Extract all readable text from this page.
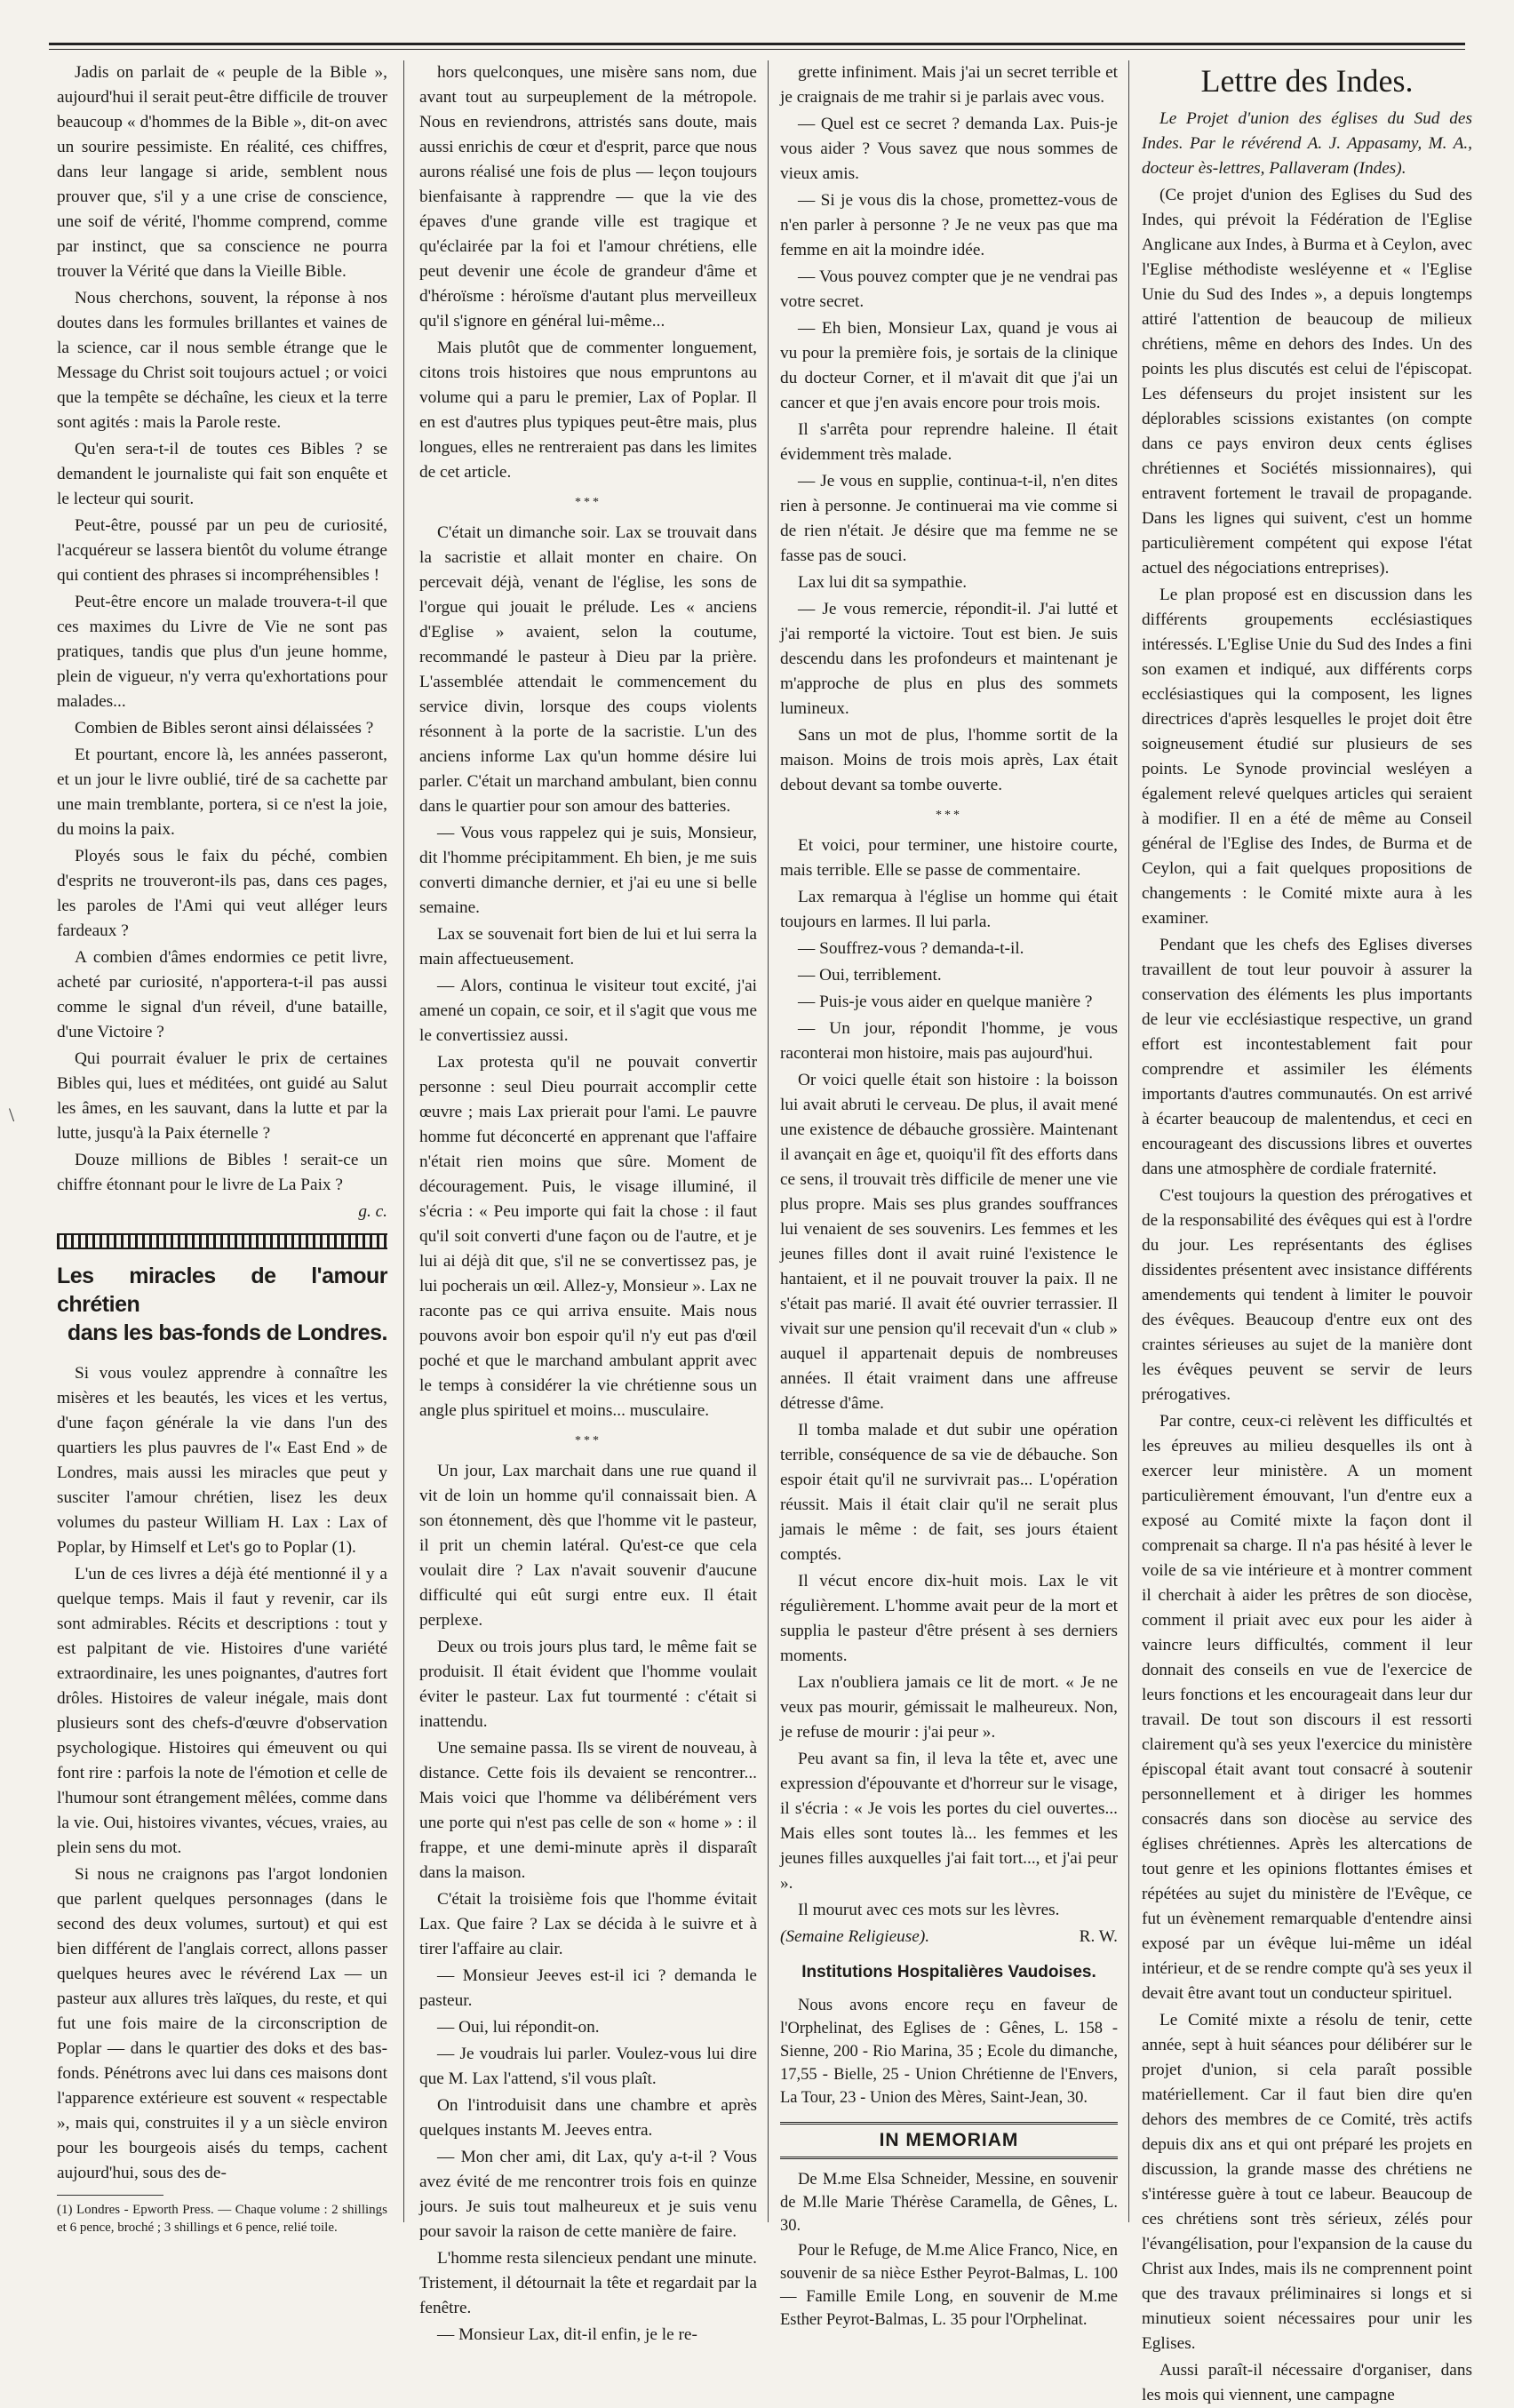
\

Jadis on parlait de « peuple de la Bible », aujourd'hui il serait peut-être difficile de trouver beaucoup « d'hommes de la Bible », dit-on avec un sourire pessimiste. En réalité, ces chiffres, dans leur langage si aride, semblent nous prouver que, s'il y a une crise de conscience, une soif de vérité, l'homme comprend, comme par instinct, que sa conscience ne pourra trouver la Vérité que dans la Vieille Bible.

Nous cherchons, souvent, la réponse à nos doutes dans les formules brillantes et vaines de la science, car il nous semble étrange que le Message du Christ soit toujours actuel ; or voici que la tempête se déchaîne, les cieux et la terre sont agités : mais la Parole reste.

Qu'en sera-t-il de toutes ces Bibles ? se demandent le journaliste qui fait son enquête et le lecteur qui sourit.

Peut-être, poussé par un peu de curiosité, l'acquéreur se lassera bientôt du volume étrange qui contient des phrases si incompréhensibles !

Peut-être encore un malade trouvera-t-il que ces maximes du Livre de Vie ne sont pas pratiques, tandis que plus d'un jeune homme, plein de vigueur, n'y verra qu'exhortations pour malades...

Combien de Bibles seront ainsi délaissées ?

Et pourtant, encore là, les années passeront, et un jour le livre oublié, tiré de sa cachette par une main tremblante, portera, si ce n'est la joie, du moins la paix.

Ployés sous le faix du péché, combien d'esprits ne trouveront-ils pas, dans ces pages, les paroles de l'Ami qui veut alléger leurs fardeaux ?

A combien d'âmes endormies ce petit livre, acheté par curiosité, n'apportera-t-il pas aussi comme le signal d'un réveil, d'une bataille, d'une Victoire ?

Qui pourrait évaluer le prix de certaines Bibles qui, lues et méditées, ont guidé au Salut les âmes, en les sauvant, dans la lutte et par la lutte, jusqu'à la Paix éternelle ?

Douze millions de Bibles ! serait-ce un chiffre étonnant pour le livre de La Paix ?

g. c.

Les miracles de l'amour chrétien
dans les bas-fonds de Londres.

Si vous voulez apprendre à connaître les misères et les beautés, les vices et les vertus, d'une façon générale la vie dans l'un des quartiers les plus pauvres de l'« East End » de Londres, mais aussi les miracles que peut y susciter l'amour chrétien, lisez les deux volumes du pasteur William H. Lax : Lax of Poplar, by Himself et Let's go to Poplar (1).

L'un de ces livres a déjà été mentionné il y a quelque temps. Mais il faut y revenir, car ils sont admirables. Récits et descriptions : tout y est palpitant de vie. Histoires d'une variété extraordinaire, les unes poignantes, d'autres fort drôles. Histoires de valeur inégale, mais dont plusieurs sont des chefs-d'œuvre d'observation psychologique. Histoires qui émeuvent ou qui font rire : parfois la note de l'émotion et celle de l'humour sont étrangement mêlées, comme dans la vie. Oui, histoires vivantes, vécues, vraies, au plein sens du mot.

Si nous ne craignons pas l'argot londonien que parlent quelques personnages (dans le second des deux volumes, surtout) et qui est bien différent de l'anglais correct, allons passer quelques heures avec le révérend Lax — un pasteur aux allures très laïques, du reste, et qui fut une fois maire de la circonscription de Poplar — dans le quartier des doks et des bas-fonds. Pénétrons avec lui dans ces maisons dont l'apparence extérieure est souvent « respectable », mais qui, construites il y a un siècle environ pour les bourgeois aisés du temps, cachent aujourd'hui, sous des de-

(1) Londres - Epworth Press. — Chaque volume : 2 shillings et 6 pence, broché ; 3 shillings et 6 pence, relié toile.

hors quelconques, une misère sans nom, due avant tout au surpeuplement de la métropole. Nous en reviendrons, attristés sans doute, mais aussi enrichis de cœur et d'esprit, parce que nous aurons réalisé une fois de plus — leçon toujours bienfaisante à rapprendre — que la vie des épaves d'une grande ville est tragique et qu'éclairée par la foi et l'amour chrétiens, elle peut devenir une école de grandeur d'âme et d'héroïsme : héroïsme d'autant plus merveilleux qu'il s'ignore en général lui-même...

Mais plutôt que de commenter longuement, citons trois histoires que nous empruntons au volume qui a paru le premier, Lax of Poplar. Il en est d'autres plus typiques peut-être mais, plus longues, elles ne rentreraient pas dans les limites de cet article.

***

C'était un dimanche soir. Lax se trouvait dans la sacristie et allait monter en chaire. On percevait déjà, venant de l'église, les sons de l'orgue qui jouait le prélude. Les « anciens d'Eglise » avaient, selon la coutume, recommandé le pasteur à Dieu par la prière. L'assemblée attendait le commencement du service divin, lorsque des coups violents résonnent à la porte de la sacristie. L'un des anciens informe Lax qu'un homme désire lui parler. C'était un marchand ambulant, bien connu dans le quartier pour son amour des batteries.

— Vous vous rappelez qui je suis, Monsieur, dit l'homme précipitamment. Eh bien, je me suis converti dimanche dernier, et j'ai eu une si belle semaine.

Lax se souvenait fort bien de lui et lui serra la main affectueusement.

— Alors, continua le visiteur tout excité, j'ai amené un copain, ce soir, et il s'agit que vous me le convertissiez aussi.

Lax protesta qu'il ne pouvait convertir personne : seul Dieu pourrait accomplir cette œuvre ; mais Lax prierait pour l'ami. Le pauvre homme fut déconcerté en apprenant que l'affaire n'était rien moins que sûre. Moment de découragement. Puis, le visage illuminé, il s'écria : « Peu importe qui fait la chose : il faut qu'il soit converti d'une façon ou de l'autre, et je lui ai déjà dit que, s'il ne se convertissez pas, je lui pocherais un œil. Allez-y, Monsieur ». Lax ne raconte pas ce qui arriva ensuite. Mais nous pouvons avoir bon espoir qu'il n'y eut pas d'œil poché et que le marchand ambulant apprit avec le temps à considérer la vie chrétienne sous un angle plus spirituel et moins... musculaire.

***

Un jour, Lax marchait dans une rue quand il vit de loin un homme qu'il connaissait bien. A son étonnement, dès que l'homme vit le pasteur, il prit un chemin latéral. Qu'est-ce que cela voulait dire ? Lax n'avait souvenir d'aucune difficulté qui eût surgi entre eux. Il était perplexe.

Deux ou trois jours plus tard, le même fait se produisit. Il était évident que l'homme voulait éviter le pasteur. Lax fut tourmenté : c'était si inattendu.

Une semaine passa. Ils se virent de nouveau, à distance. Cette fois ils devaient se rencontrer... Mais voici que l'homme va délibérément vers une porte qui n'est pas celle de son « home » : il frappe, et une demi-minute après il disparaît dans la maison.

C'était la troisième fois que l'homme évitait Lax. Que faire ? Lax se décida à le suivre et à tirer l'affaire au clair.

— Monsieur Jeeves est-il ici ? demanda le pasteur.

— Oui, lui répondit-on.

— Je voudrais lui parler. Voulez-vous lui dire que M. Lax l'attend, s'il vous plaît.

On l'introduisit dans une chambre et après quelques instants M. Jeeves entra.

— Mon cher ami, dit Lax, qu'y a-t-il ? Vous avez évité de me rencontrer trois fois en quinze jours. Je suis tout malheureux et je suis venu pour savoir la raison de cette manière de faire.

L'homme resta silencieux pendant une minute. Tristement, il détournait la tête et regardait par la fenêtre.

— Monsieur Lax, dit-il enfin, je le re-

grette infiniment. Mais j'ai un secret terrible et je craignais de me trahir si je parlais avec vous.

— Quel est ce secret ? demanda Lax. Puis-je vous aider ? Vous savez que nous sommes de vieux amis.

— Si je vous dis la chose, promettez-vous de n'en parler à personne ? Je ne veux pas que ma femme en ait la moindre idée.

— Vous pouvez compter que je ne vendrai pas votre secret.

— Eh bien, Monsieur Lax, quand je vous ai vu pour la première fois, je sortais de la clinique du docteur Corner, et il m'avait dit que j'ai un cancer et que j'en avais encore pour trois mois.

Il s'arrêta pour reprendre haleine. Il était évidemment très malade.

— Je vous en supplie, continua-t-il, n'en dites rien à personne. Je continuerai ma vie comme si de rien n'était. Je désire que ma femme ne se fasse pas de souci.

Lax lui dit sa sympathie.

— Je vous remercie, répondit-il. J'ai lutté et j'ai remporté la victoire. Tout est bien. Je suis descendu dans les profondeurs et maintenant je m'approche de plus en plus des sommets lumineux.

Sans un mot de plus, l'homme sortit de la maison. Moins de trois mois après, Lax était debout devant sa tombe ouverte.

***

Et voici, pour terminer, une histoire courte, mais terrible. Elle se passe de commentaire.

Lax remarqua à l'église un homme qui était toujours en larmes. Il lui parla.

— Souffrez-vous ? demanda-t-il.

— Oui, terriblement.

— Puis-je vous aider en quelque manière ?

— Un jour, répondit l'homme, je vous raconterai mon histoire, mais pas aujourd'hui.

Or voici quelle était son histoire : la boisson lui avait abruti le cerveau. De plus, il avait mené une existence de débauche grossière. Maintenant il avançait en âge et, quoiqu'il fît des efforts dans ce sens, il trouvait très difficile de mener une vie plus propre. Mais ses plus grandes souffrances lui venaient de ses souvenirs. Les femmes et les jeunes filles dont il avait ruiné l'existence le hantaient, et il ne pouvait trouver la paix. Il ne s'était pas marié. Il avait été ouvrier terrassier. Il vivait sur une pension qu'il recevait d'un « club » auquel il appartenait depuis de nombreuses années. Il était vraiment dans une affreuse détresse d'âme.

Il tomba malade et dut subir une opération terrible, conséquence de sa vie de débauche. Son espoir était qu'il ne survivrait pas... L'opération réussit. Mais il était clair qu'il ne serait plus jamais le même : de fait, ses jours étaient comptés.

Il vécut encore dix-huit mois. Lax le vit régulièrement. L'homme avait peur de la mort et supplia le pasteur d'être présent à ses derniers moments.

Lax n'oubliera jamais ce lit de mort. « Je ne veux pas mourir, gémissait le malheureux. Non, je refuse de mourir : j'ai peur ».

Peu avant sa fin, il leva la tête et, avec une expression d'épouvante et d'horreur sur le visage, il s'écria : « Je vois les portes du ciel ouvertes... Mais elles sont toutes là... les femmes et les jeunes filles auxquelles j'ai fait tort..., et j'ai peur ».

Il mourut avec ces mots sur les lèvres.

(Semaine Religieuse).	R. W.

Institutions Hospitalières Vaudoises.

Nous avons encore reçu en faveur de l'Orphelinat, des Eglises de : Gênes, L. 158 - Sienne, 200 - Rio Marina, 35 ; Ecole du dimanche, 17,55 - Bielle, 25 - Union Chrétienne de l'Envers, La Tour, 23 - Union des Mères, Saint-Jean, 30.

IN MEMORIAM

De M.me Elsa Schneider, Messine, en souvenir de M.lle Marie Thérèse Caramella, de Gênes, L. 30.

Pour le Refuge, de M.me Alice Franco, Nice, en souvenir de sa nièce Esther Peyrot-Balmas, L. 100 — Famille Emile Long, en souvenir de M.me Esther Peyrot-Balmas, L. 35 pour l'Orphelinat.

Lettre des Indes.

Le Projet d'union des églises du Sud des Indes. Par le révérend A. J. Appasamy, M. A., docteur ès-lettres, Pallaveram (Indes).

(Ce projet d'union des Eglises du Sud des Indes, qui prévoit la Fédération de l'Eglise Anglicane aux Indes, à Burma et à Ceylon, avec l'Eglise méthodiste wesléyenne et « l'Eglise Unie du Sud des Indes », a depuis longtemps attiré l'attention de beaucoup de milieux chrétiens, même en dehors des Indes. Un des points les plus discutés est celui de l'épiscopat. Les défenseurs du projet insistent sur les déplorables scissions existantes (on compte dans ce pays environ deux cents églises chrétiennes et Sociétés missionnaires), qui entravent fortement le travail de propagande. Dans les lignes qui suivent, c'est un homme particulièrement compétent qui expose l'état actuel des négociations entreprises).

Le plan proposé est en discussion dans les différents groupements ecclésiastiques intéressés. L'Eglise Unie du Sud des Indes a fini son examen et indiqué, aux différents corps ecclésiastiques qui la composent, les lignes directrices d'après lesquelles le projet doit être soigneusement étudié sur plusieurs de ses points. Le Synode provincial wesléyen a également relevé quelques articles qui seraient à modifier. Il en a été de même au Conseil général de l'Eglise des Indes, de Burma et de Ceylon, qui a fait quelques propositions de changements : le Comité mixte aura à les examiner.

Pendant que les chefs des Eglises diverses travaillent de tout leur pouvoir à assurer la conservation des éléments les plus importants de leur vie ecclésiastique respective, un grand effort est incontestablement fait pour comprendre et assimiler les éléments importants d'autres communautés. On est arrivé à écarter beaucoup de malentendus, et ceci en encourageant des discussions libres et ouvertes dans une atmosphère de cordiale fraternité.

C'est toujours la question des prérogatives et de la responsabilité des évêques qui est à l'ordre du jour. Les représentants des églises dissidentes présentent avec insistance différents amendements qui tendent à limiter le pouvoir des évêques. Beaucoup d'entre eux ont des craintes sérieuses au sujet de la manière dont les évêques peuvent se servir de leurs prérogatives.

Par contre, ceux-ci relèvent les difficultés et les épreuves au milieu desquelles ils ont à exercer leur ministère. A un moment particulièrement émouvant, l'un d'entre eux a exposé au Comité mixte la façon dont il comprenait sa charge. Il n'a pas hésité à lever le voile de sa vie intérieure et à montrer comment il cherchait à aider les prêtres de son diocèse, comment il priait avec eux pour les aider à vaincre leurs difficultés, comment il leur donnait des conseils en vue de l'exercice de leurs fonctions et les encourageait dans leur dur travail. De tout son discours il est ressorti clairement qu'à ses yeux l'exercice du ministère épiscopal était avant tout consacré à soutenir personnellement et à diriger les hommes consacrés dans son diocèse au service des églises chrétiennes. Après les altercations de tout genre et les opinions flottantes émises et répétées au sujet du ministère de l'Evêque, ce fut un évènement remarquable d'entendre ainsi exposé par un évêque lui-même un idéal intérieur, et de se rendre compte qu'à ses yeux il devait être avant tout un conducteur spirituel.

Le Comité mixte a résolu de tenir, cette année, sept à huit séances pour délibérer sur le projet d'union, si cela paraît possible matériellement. Car il faut bien dire qu'en dehors des membres de ce Comité, très actifs depuis dix ans et qui ont préparé les projets en discussion, la grande masse des chrétiens ne s'intéresse guère à tout ce labeur. Beaucoup de ces chrétiens sont très sérieux, zélés pour l'évangélisation, pour l'expansion de la cause du Christ aux Indes, mais ils ne comprennent point que des travaux préliminaires si longs et si minutieux soient nécessaires pour unir les Eglises.

Aussi paraît-il nécessaire d'organiser, dans les mois qui viennent, une campagne
